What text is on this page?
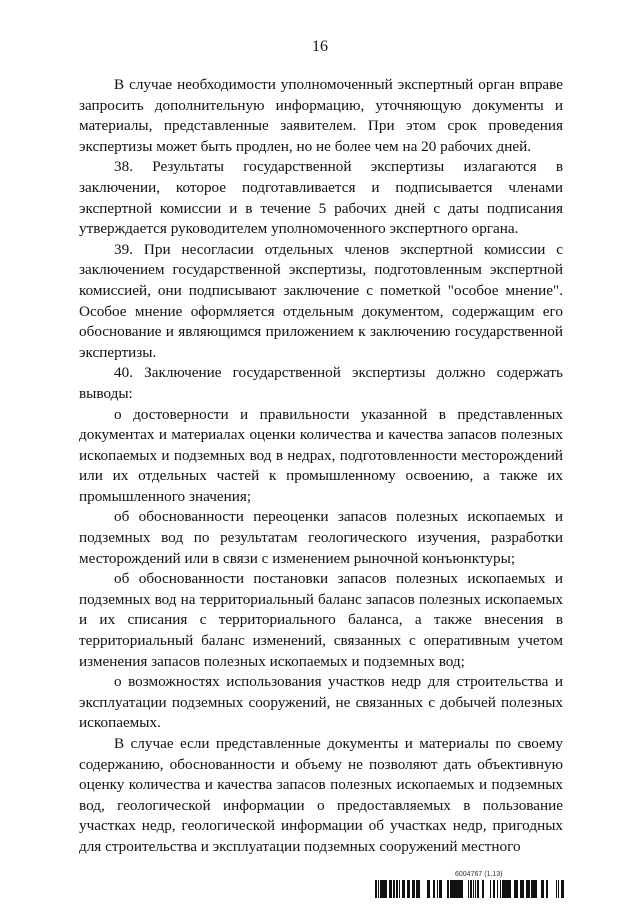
16

В случае необходимости уполномоченный экспертный орган вправе запросить дополнительную информацию, уточняющую документы и материалы, представленные заявителем. При этом срок проведения экспертизы может быть продлен, но не более чем на 20 рабочих дней.

38. Результаты государственной экспертизы излагаются в заключении, которое подготавливается и подписывается членами экспертной комиссии и в течение 5 рабочих дней с даты подписания утверждается руководителем уполномоченного экспертного органа.

39. При несогласии отдельных членов экспертной комиссии с заключением государственной экспертизы, подготовленным экспертной комиссией, они подписывают заключение с пометкой "особое мнение". Особое мнение оформляется отдельным документом, содержащим его обоснование и являющимся приложением к заключению государственной экспертизы.

40. Заключение государственной экспертизы должно содержать выводы:

о достоверности и правильности указанной в представленных документах и материалах оценки количества и качества запасов полезных ископаемых и подземных вод в недрах, подготовленности месторождений или их отдельных частей к промышленному освоению, а также их промышленного значения;

об обоснованности переоценки запасов полезных ископаемых и подземных вод по результатам геологического изучения, разработки месторождений или в связи с изменением рыночной конъюнктуры;

об обоснованности постановки запасов полезных ископаемых и подземных вод на территориальный баланс запасов полезных ископаемых и их списания с территориального баланса, а также внесения в территориальный баланс изменений, связанных с оперативным учетом изменения запасов полезных ископаемых и подземных вод;

о возможностях использования участков недр для строительства и эксплуатации подземных сооружений, не связанных с добычей полезных ископаемых.

В случае если представленные документы и материалы по своему содержанию, обоснованности и объему не позволяют дать объективную оценку количества и качества запасов полезных ископаемых и подземных вод, геологической информации о предоставляемых в пользование участках недр, геологической информации об участках недр, пригодных для строительства и эксплуатации подземных сооружений местного

6004767 (1.13)
